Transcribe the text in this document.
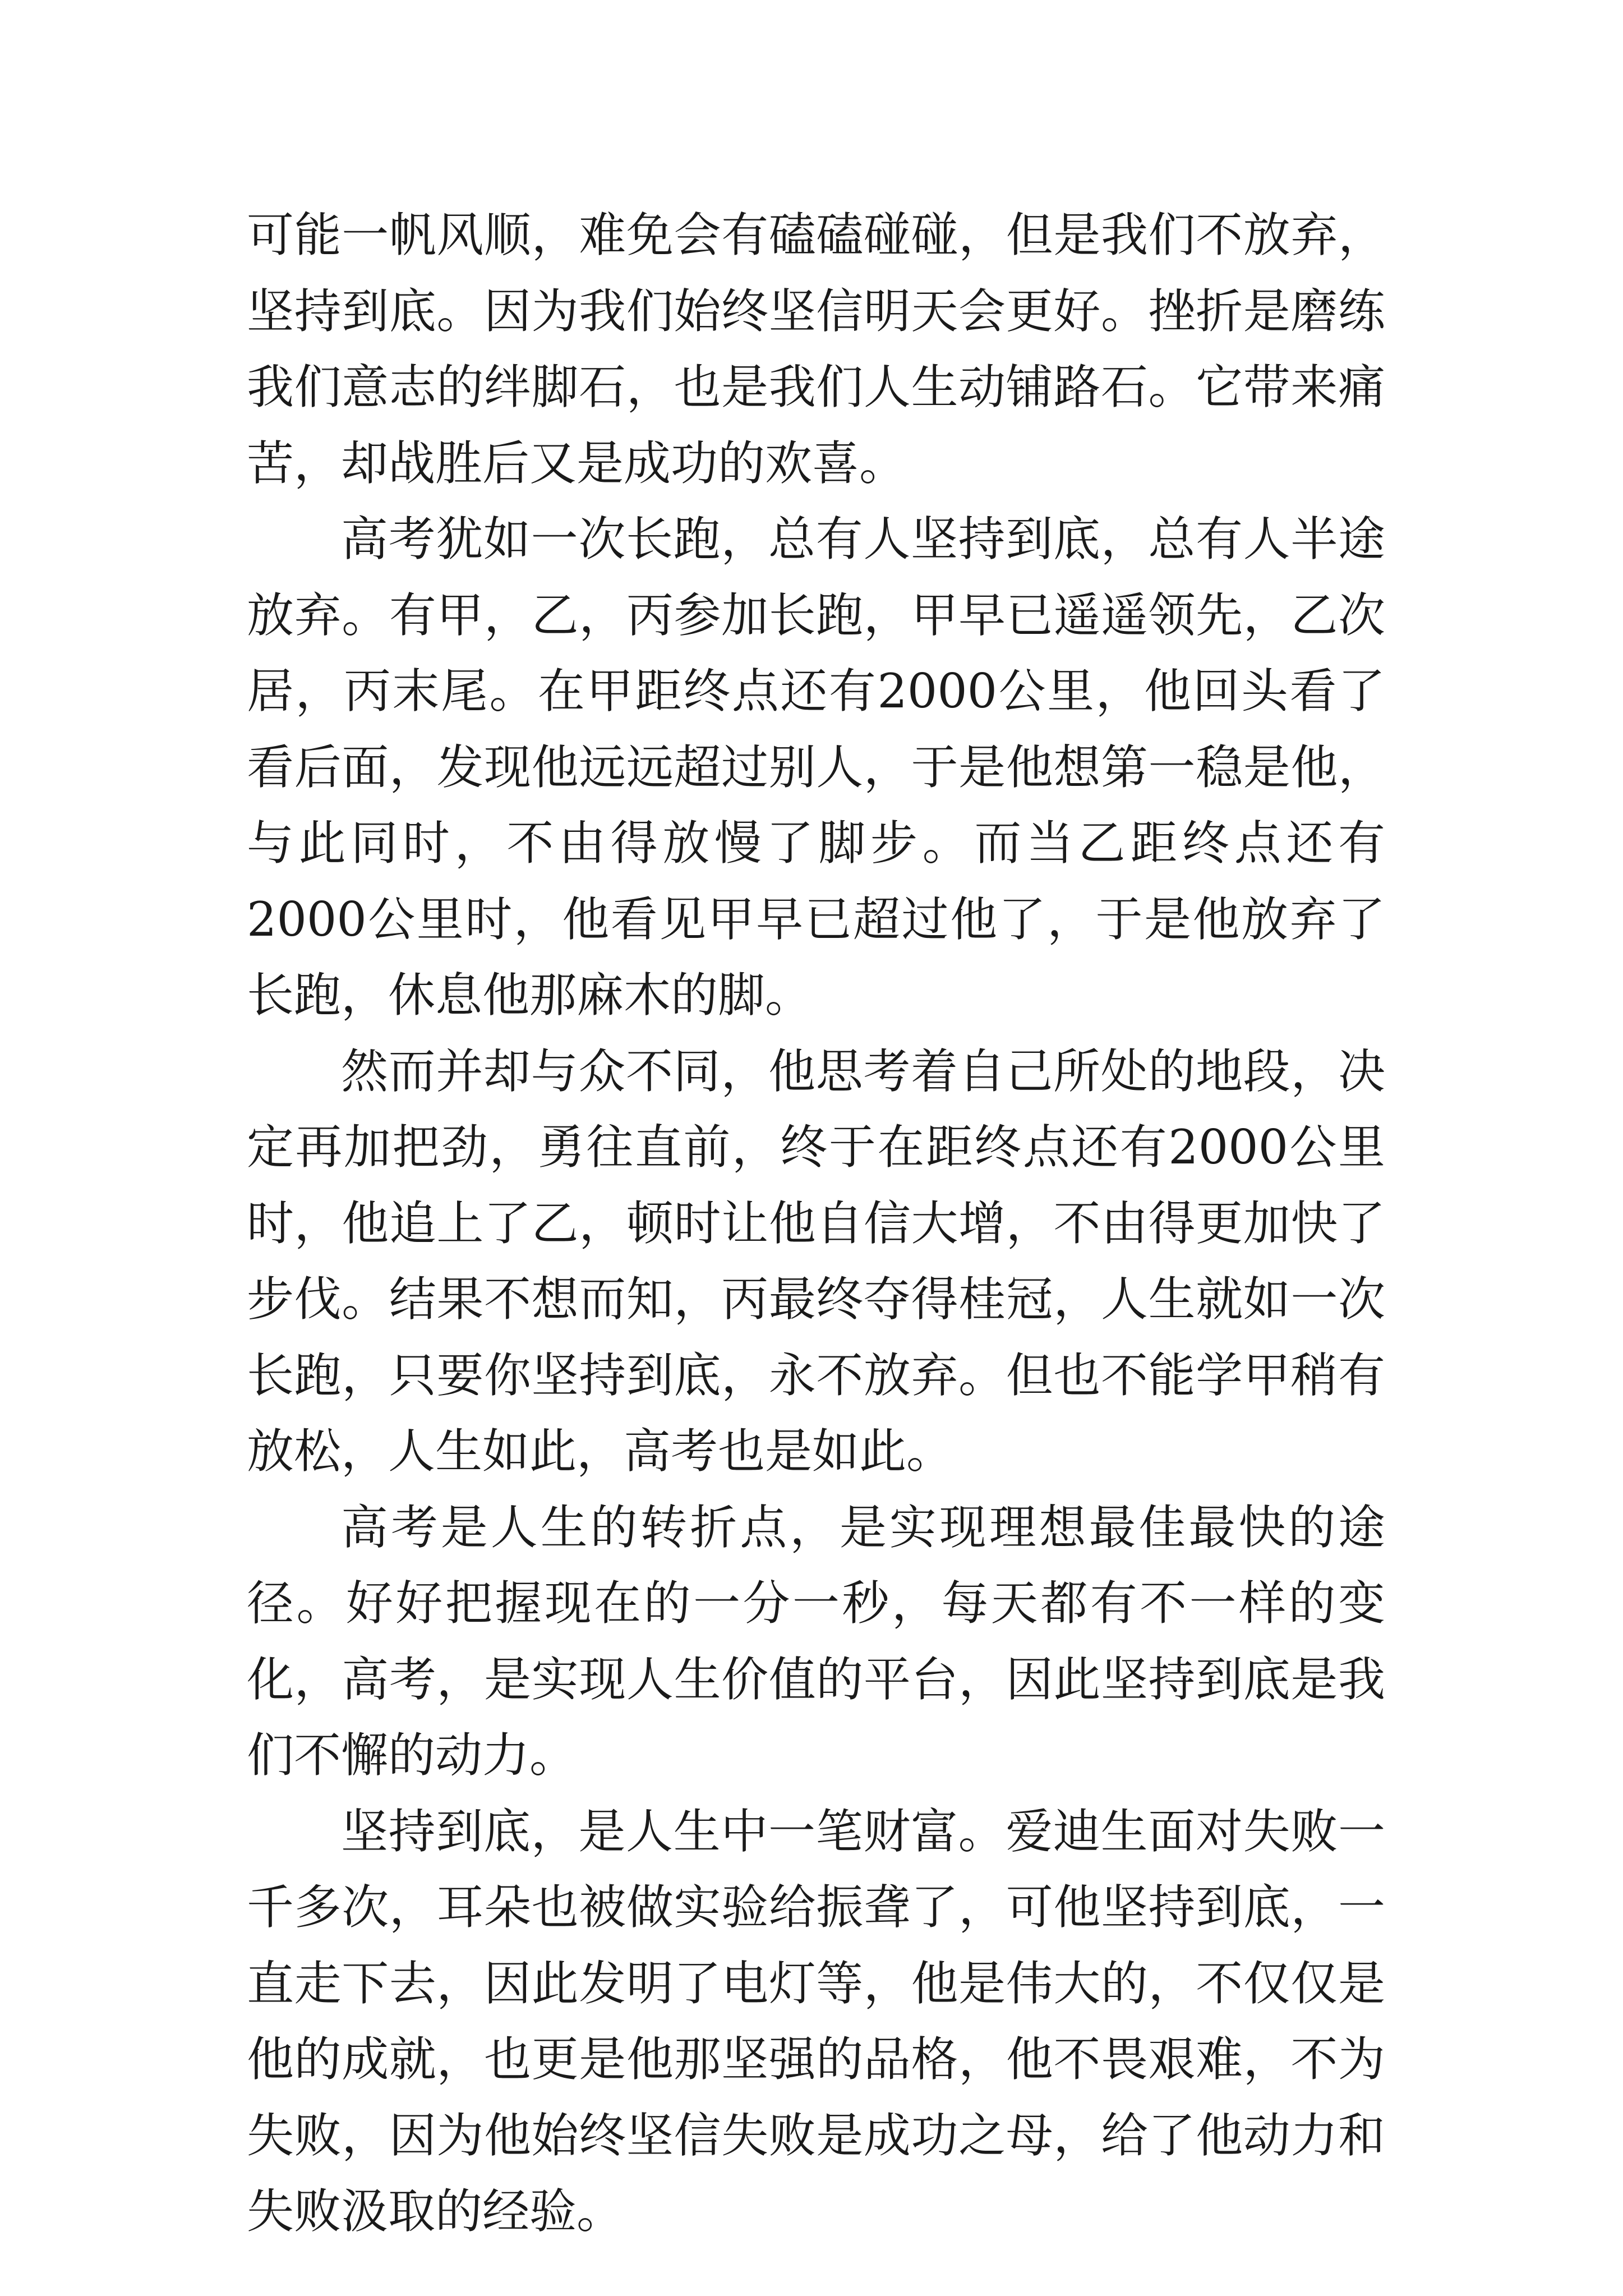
可能一帆风顺，难免会有磕磕碰碰，但是我们不放弃，坚持到底。因为我们始终坚信明天会更好。挫折是磨练我们意志的绊脚石，也是我们人生动铺路石。它带来痛苦，却战胜后又是成功的欢喜。

高考犹如一次长跑，总有人坚持到底，总有人半途放弃。有甲，乙，丙参加长跑，甲早已遥遥领先，乙次居，丙末尾。在甲距终点还有2000公里，他回头看了看后面，发现他远远超过别人，于是他想第一稳是他，与此同时，不由得放慢了脚步。而当乙距终点还有2000公里时，他看见甲早已超过他了，于是他放弃了长跑，休息他那麻木的脚。

然而并却与众不同，他思考着自己所处的地段，决定再加把劲，勇往直前，终于在距终点还有2000公里时，他追上了乙，顿时让他自信大增，不由得更加快了步伐。结果不想而知，丙最终夺得桂冠，人生就如一次长跑，只要你坚持到底，永不放弃。但也不能学甲稍有放松，人生如此，高考也是如此。

高考是人生的转折点，是实现理想最佳最快的途径。好好把握现在的一分一秒，每天都有不一样的变化，高考，是实现人生价值的平台，因此坚持到底是我们不懈的动力。

坚持到底，是人生中一笔财富。爱迪生面对失败一千多次，耳朵也被做实验给振聋了，可他坚持到底，一直走下去，因此发明了电灯等，他是伟大的，不仅仅是他的成就，也更是他那坚强的品格，他不畏艰难，不为失败，因为他始终坚信失败是成功之母，给了他动力和失败汲取的经验。
